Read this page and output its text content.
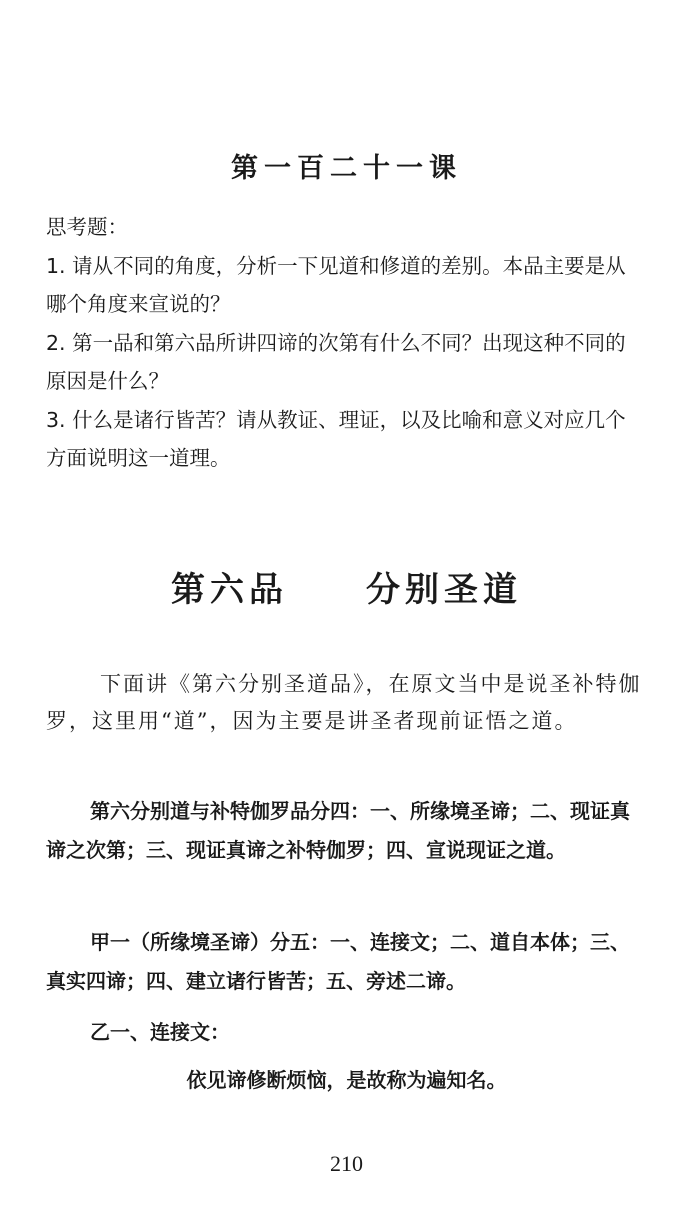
第一百二十一课

思考题：

1. 请从不同的角度，分析一下见道和修道的差别。本品主要是从哪个角度来宣说的？

2. 第一品和第六品所讲四谛的次第有什么不同？出现这种不同的原因是什么？

3. 什么是诸行皆苦？请从教证、理证，以及比喻和意义对应几个方面说明这一道理。

第六品　　分别圣道
下面讲《第六分别圣道品》，在原文当中是说圣补特伽罗，这里用“道”，因为主要是讲圣者现前证悟之道。
第六分别道与补特伽罗品分四：一、所缘境圣谛；二、现证真谛之次第；三、现证真谛之补特伽罗；四、宣说现证之道。
甲一（所缘境圣谛）分五：一、连接文；二、道自本体；三、真实四谛；四、建立诸行皆苦；五、旁述二谛。
乙一、连接文：
依见谛修断烦恼，是故称为遍知名。
210
